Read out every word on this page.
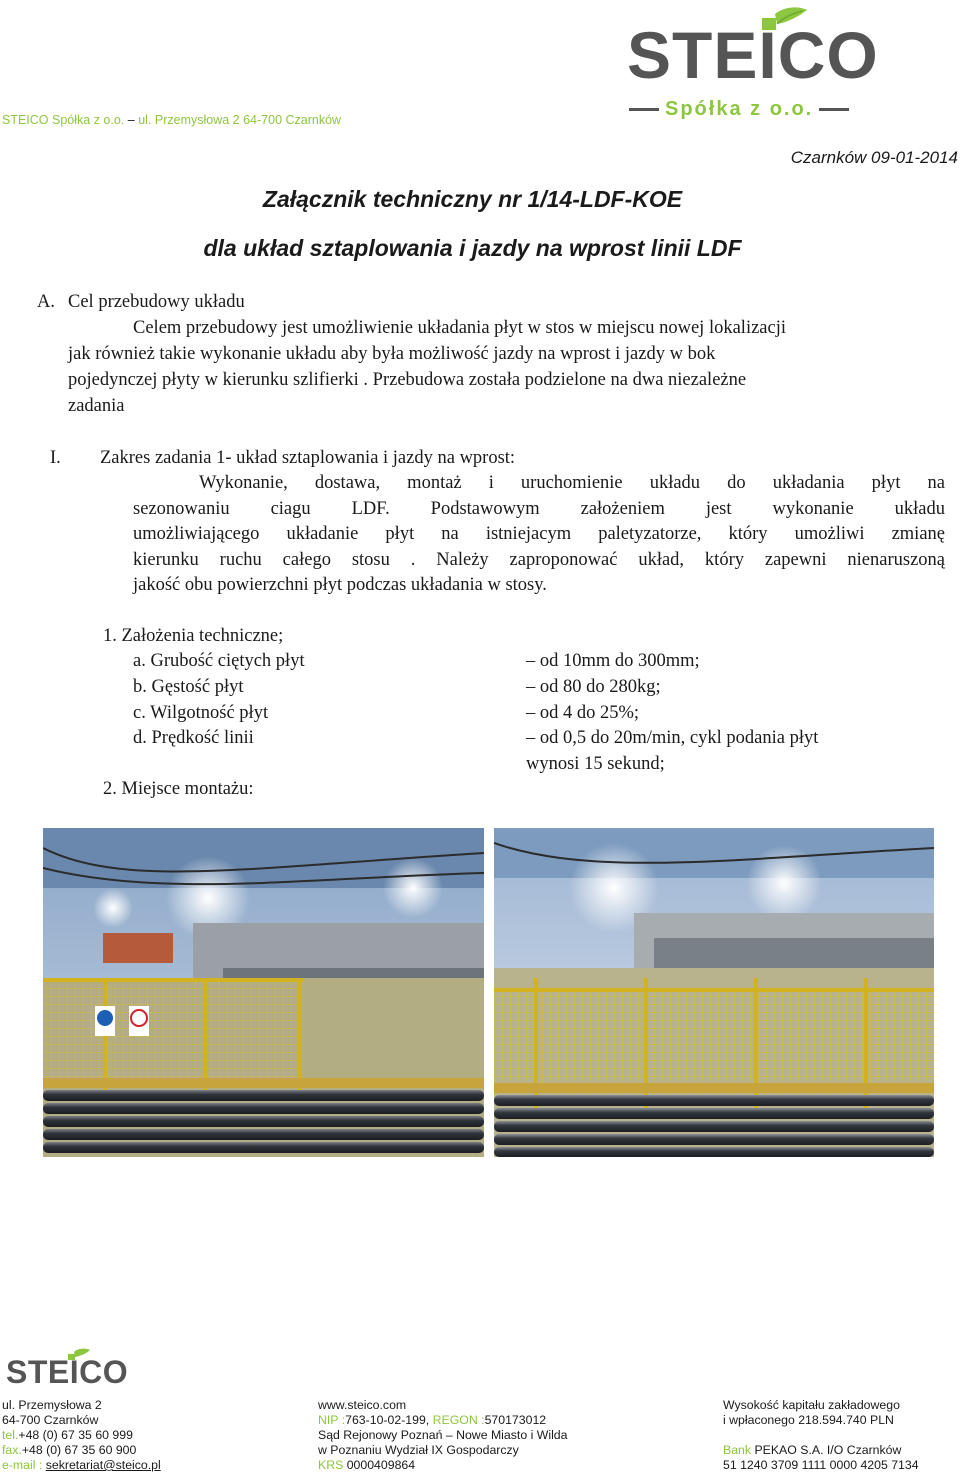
STEICO Spółka z o.o. – ul. Przemysłowa 2 64-700 Czarnków
STEICO
Spółka z o.o.
Czarnków 09-01-2014
Załącznik techniczny nr 1/14-LDF-KOE
dla układ sztaplowania i jazdy na wprost linii LDF
A. Cel przebudowy układu
Celem przebudowy jest umożliwienie układania płyt w stos w miejscu nowej lokalizacji
jak również takie wykonanie układu aby była możliwość jazdy na wprost i jazdy w bok
pojedynczej płyty w kierunku szlifierki . Przebudowa została podzielone na dwa niezależne
zadania
I. Zakres zadania 1- układ sztaplowania i jazdy na wprost:
Wykonanie, dostawa, montaż i uruchomienie układu do układania płyt na
sezonowaniu ciagu LDF. Podstawowym założeniem jest wykonanie układu
umożliwiającego układanie płyt na istniejacym paletyzatorze, który umożliwi zmianę
kierunku ruchu całego stosu . Należy zaproponować układ, który zapewni nienaruszoną
jakość obu powierzchni płyt podczas układania w stosy.
1. Założenia techniczne;
a. Grubość ciętych płyt	– od 10mm do 300mm;
b. Gęstość płyt	– od 80 do 280kg;
c. Wilgotność płyt	– od 4 do 25%;
d. Prędkość linii	– od 0,5 do 20m/min, cykl podania płyt
wynosi 15 sekund;
2. Miejsce montażu:
STEICO
ul. Przemysłowa 2
64-700 Czarnków
tel.+48 (0) 67 35 60 999
fax.+48 (0) 67 35 60 900
e-mail : sekretariat@steico.pl
www.steico.com
NIP :763-10-02-199, REGON :570173012
Sąd Rejonowy Poznań – Nowe Miasto i Wilda
w Poznaniu Wydział IX Gospodarczy
KRS 0000409864
Wysokość kapitału zakładowego
i wpłaconego 218.594.740 PLN
Bank PEKAO S.A. I/O Czarnków
51 1240 3709 1111 0000 4205 7134
